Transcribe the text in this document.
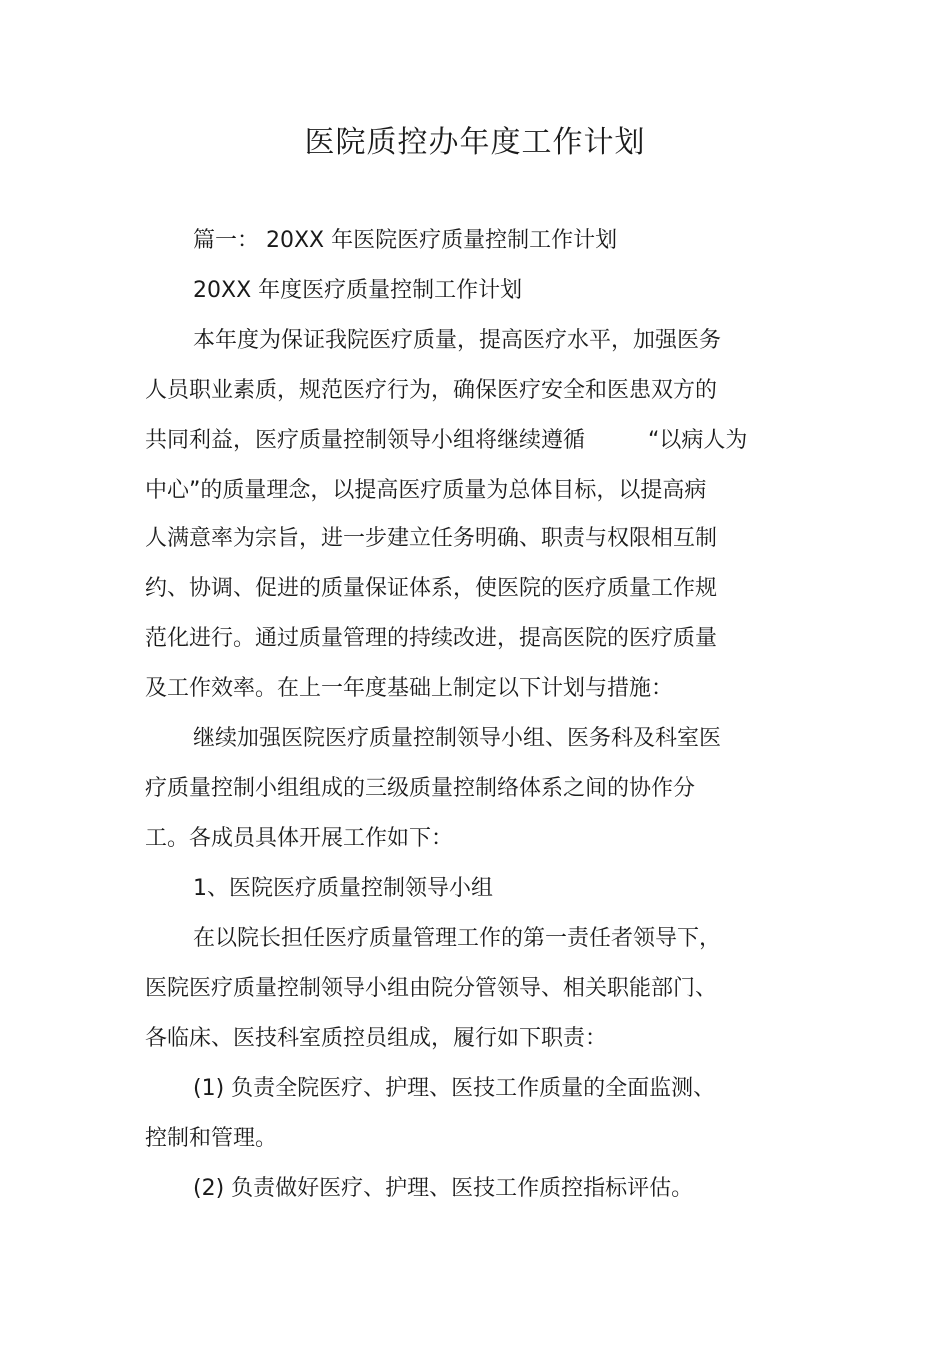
医院质控办年度工作计划
篇一： 20XX 年医院医疗质量控制工作计划
20XX 年度医疗质量控制工作计划
本年度为保证我院医疗质量，提高医疗水平，加强医务
人员职业素质，规范医疗行为，确保医疗安全和医患双方的
共同利益，医疗质量控制领导小组将继续遵循         “以病人为
中心”的质量理念，以提高医疗质量为总体目标，以提高病
人满意率为宗旨，进一步建立任务明确、职责与权限相互制
约、协调、促进的质量保证体系，使医院的医疗质量工作规
范化进行。通过质量管理的持续改进，提高医院的医疗质量
及工作效率。在上一年度基础上制定以下计划与措施：
继续加强医院医疗质量控制领导小组、医务科及科室医
疗质量控制小组组成的三级质量控制络体系之间的协作分
工。各成员具体开展工作如下：
1、医院医疗质量控制领导小组
在以院长担任医疗质量管理工作的第一责任者领导下，
医院医疗质量控制领导小组由院分管领导、相关职能部门、
各临床、医技科室质控员组成，履行如下职责：
(1) 负责全院医疗、护理、医技工作质量的全面监测、
控制和管理。
(2) 负责做好医疗、护理、医技工作质控指标评估。
